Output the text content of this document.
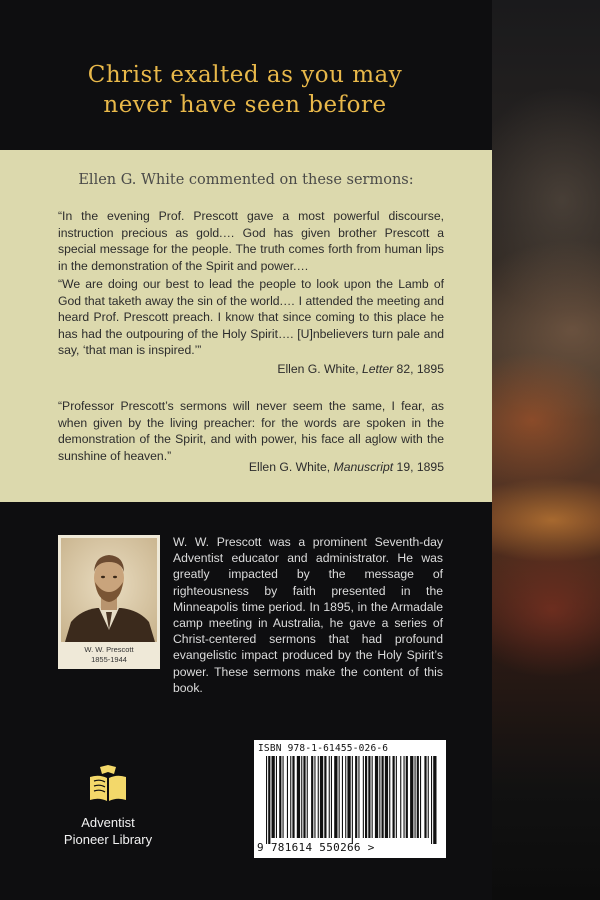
Christ exalted as you may
never have seen before
Ellen G. White commented on these sermons:

“In the evening Prof. Prescott gave a most powerful discourse, instruction precious as gold.… God has given brother Prescott a special message for the people. The truth comes forth from human lips in the demonstration of the Spirit and power.…

“We are doing our best to lead the people to look upon the Lamb of God that taketh away the sin of the world.… I attended the meeting and heard Prof. Prescott preach. I know that since coming to this place he has had the outpouring of the Holy Spirit…. [U]nbelievers turn pale and say, ‘that man is inspired.’”

Ellen G. White, Letter 82, 1895

“Professor Prescott’s sermons will never seem the same, I fear, as when given by the living preacher: for the words are spoken in the demonstration of the Spirit, and with power, his face all aglow with the sunshine of heaven.”

Ellen G. White, Manuscript 19, 1895

W. W. Prescott
1855-1944

W. W. Prescott was a prominent Seventh-day Adventist educator and administrator. He was greatly impacted by the message of righteousness by faith presented in the Minneapolis time period. In 1895, in the Armadale camp meeting in Australia, he gave a series of Christ-centered sermons that had profound evangelistic impact produced by the Holy Spirit’s power. These sermons make the content of this book.

Adventist
Pioneer Library
ISBN 978-1-61455-026-6
9 781614 550266 >
